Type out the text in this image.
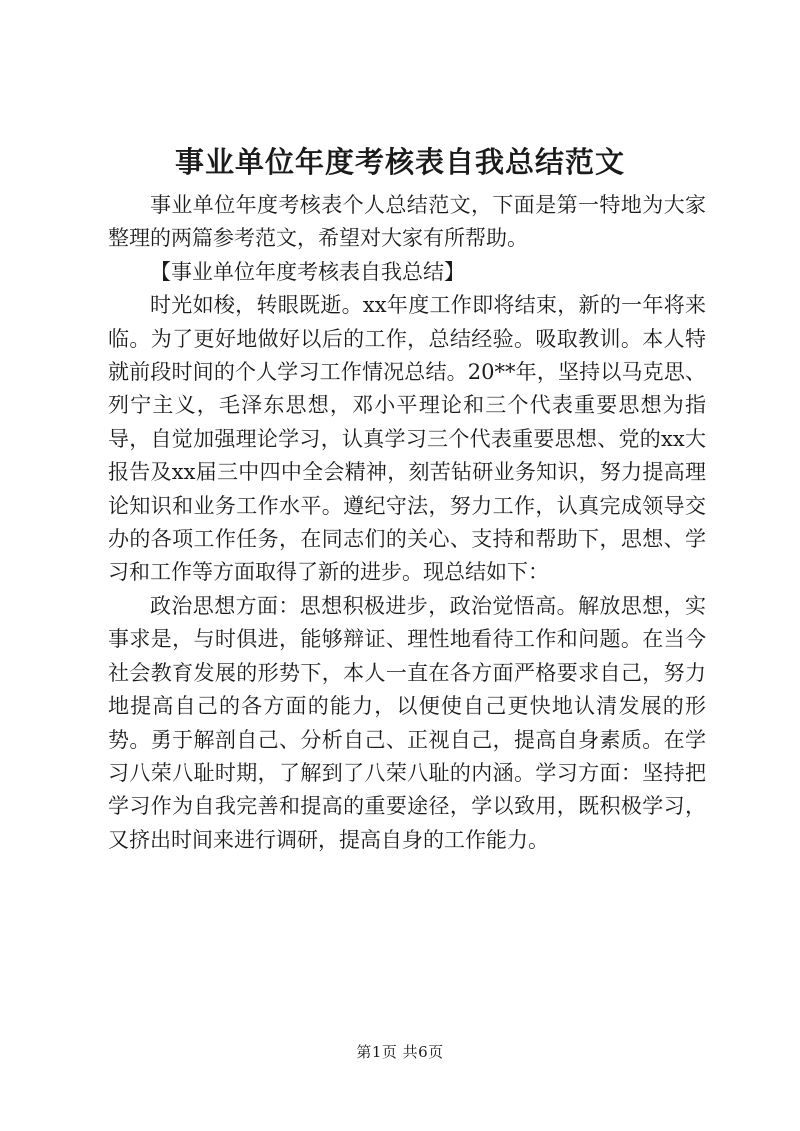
事业单位年度考核表自我总结范文

事业单位年度考核表个人总结范文，下面是第一特地为大家整理的两篇参考范文，希望对大家有所帮助。

【事业单位年度考核表自我总结】

时光如梭，转眼既逝。xx年度工作即将结束，新的一年将来临。为了更好地做好以后的工作，总结经验。吸取教训。本人特就前段时间的个人学习工作情况总结。20**年，坚持以马克思、列宁主义，毛泽东思想，邓小平理论和三个代表重要思想为指导，自觉加强理论学习，认真学习三个代表重要思想、党的xx大报告及xx届三中四中全会精神，刻苦钻研业务知识，努力提高理论知识和业务工作水平。遵纪守法，努力工作，认真完成领导交办的各项工作任务，在同志们的关心、支持和帮助下，思想、学习和工作等方面取得了新的进步。现总结如下：

政治思想方面：思想积极进步，政治觉悟高。解放思想，实事求是，与时俱进，能够辩证、理性地看待工作和问题。在当今社会教育发展的形势下，本人一直在各方面严格要求自己，努力地提高自己的各方面的能力，以便使自己更快地认清发展的形势。勇于解剖自己、分析自己、正视自己，提高自身素质。在学习八荣八耻时期，了解到了八荣八耻的内涵。学习方面：坚持把学习作为自我完善和提高的重要途径，学以致用，既积极学习，又挤出时间来进行调研，提高自身的工作能力。

第1页 共6页
